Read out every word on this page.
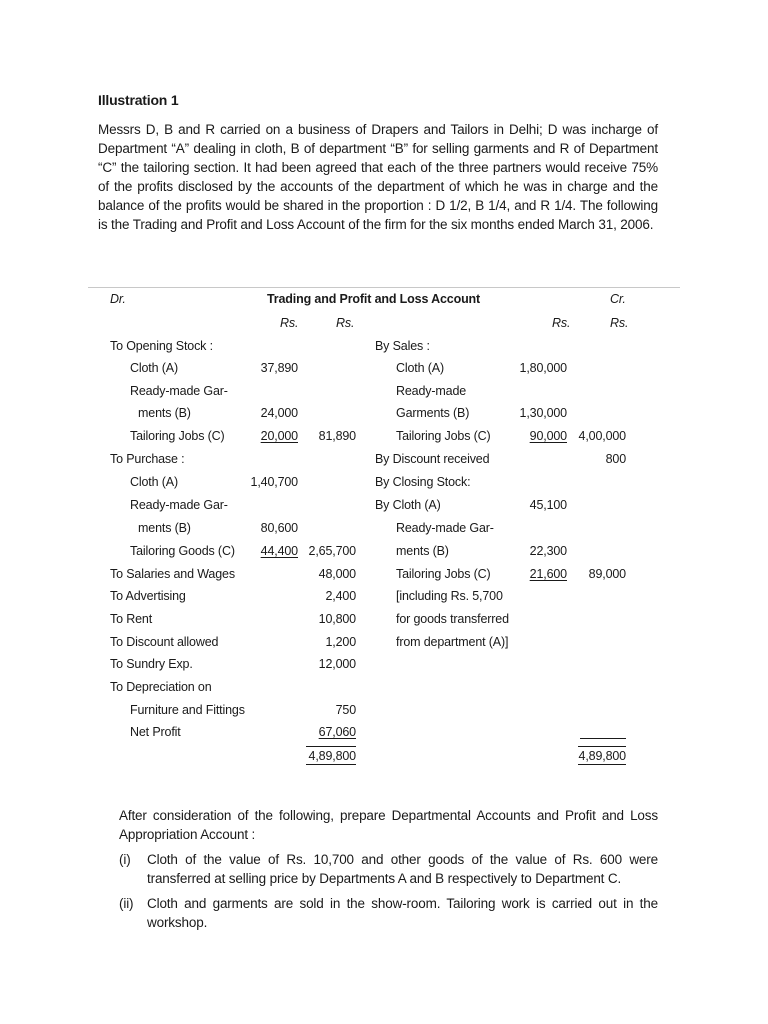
Illustration 1
Messrs D, B and R carried on a business of Drapers and Tailors in Delhi; D was incharge of Department “A” dealing in cloth, B of department “B” for selling garments and R of Department “C” the tailoring section. It had been agreed that each of the three partners would receive 75% of the profits disclosed by the accounts of the department of which he was in charge and the balance of the profits would be shared in the proportion : D 1/2, B 1/4, and R 1/4. The following is the Trading and Profit and Loss Account of the firm for the six months ended March 31, 2006.
Dr.	Trading and Profit and Loss Account	Cr.
Rs.	Rs.	Rs.	Rs.
To Opening Stock :
Cloth (A)	37,890
Ready-made Gar-
ments (B)	24,000
Tailoring Jobs (C)	20,000	81,890
To Purchase :
Cloth (A)	1,40,700
Ready-made Gar-
ments (B)	80,600
Tailoring Goods (C)	44,400 2,65,700
To Salaries and Wages	48,000
To Advertising	2,400
To Rent	10,800
To Discount allowed	1,200
To Sundry Exp.	12,000
To Depreciation on
Furniture and Fittings	750
Net Profit	67,060
4,89,800
By Sales :
Cloth (A)	1,80,000
Ready-made
Garments (B)	1,30,000
Tailoring Jobs (C)	90,000 4,00,000
By Discount received	800
By Closing Stock:
By Cloth (A)	45,100
Ready-made Gar-
ments (B)	22,300
Tailoring Jobs (C)	21,600	89,000
[including Rs. 5,700
for goods transferred
from department (A)]
4,89,800
After consideration of the following, prepare Departmental Accounts and Profit and Loss Appropriation Account :
(i) Cloth of the value of Rs. 10,700 and other goods of the value of Rs. 600 were transferred at selling price by Departments A and B respectively to Department C.
(ii) Cloth and garments are sold in the show-room. Tailoring work is carried out in the workshop.
